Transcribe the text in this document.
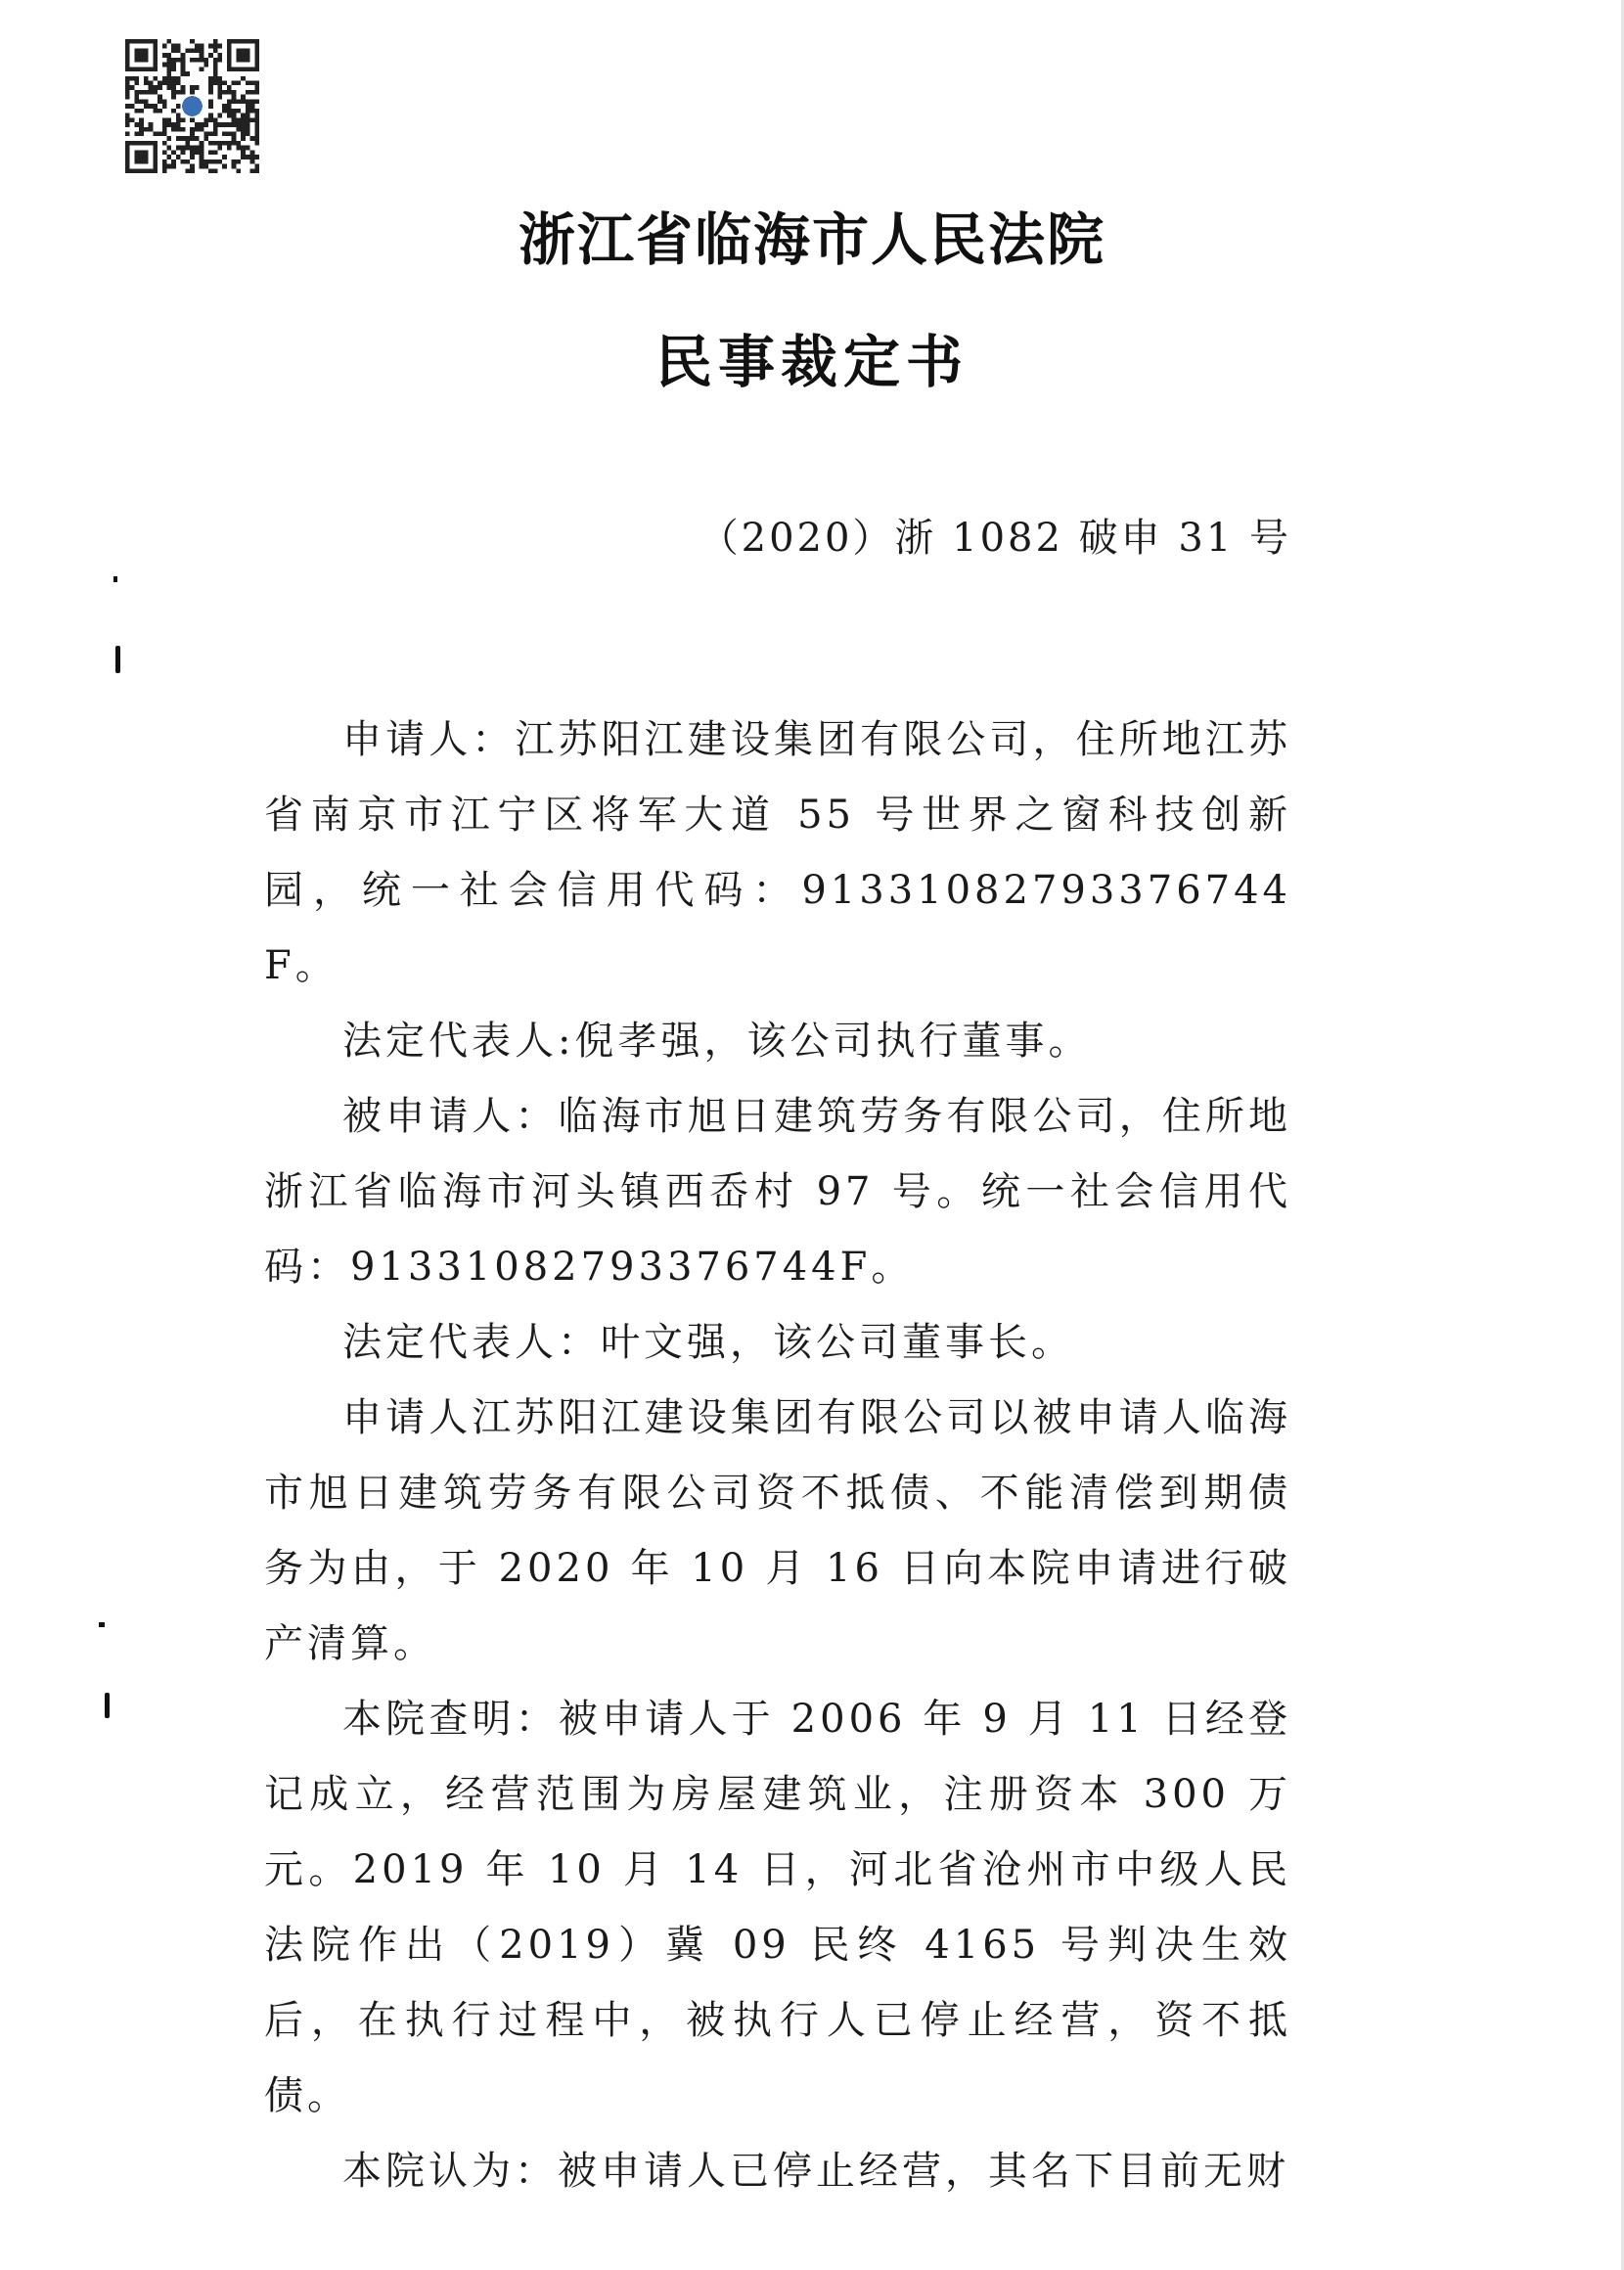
浙江省临海市人民法院
民事裁定书
（2020）浙 1082 破申 31 号

申请人：江苏阳江建设集团有限公司，住所地江苏省南京市江宁区将军大道 55 号世界之窗科技创新园，统一社会信用代码：91331082793376744F。

法定代表人:倪孝强，该公司执行董事。

被申请人：临海市旭日建筑劳务有限公司，住所地浙江省临海市河头镇西岙村 97 号。统一社会信用代码：91331082793376744F。

法定代表人：叶文强，该公司董事长。

申请人江苏阳江建设集团有限公司以被申请人临海市旭日建筑劳务有限公司资不抵债、不能清偿到期债务为由，于 2020 年 10 月 16 日向本院申请进行破产清算。

本院查明：被申请人于 2006 年 9 月 11 日经登记成立，经营范围为房屋建筑业，注册资本 300 万元。2019 年 10 月 14 日，河北省沧州市中级人民法院作出（2019）冀 09 民终 4165 号判决生效后，在执行过程中，被执行人已停止经营，资不抵债。

本院认为：被申请人已停止经营，其名下目前无财
